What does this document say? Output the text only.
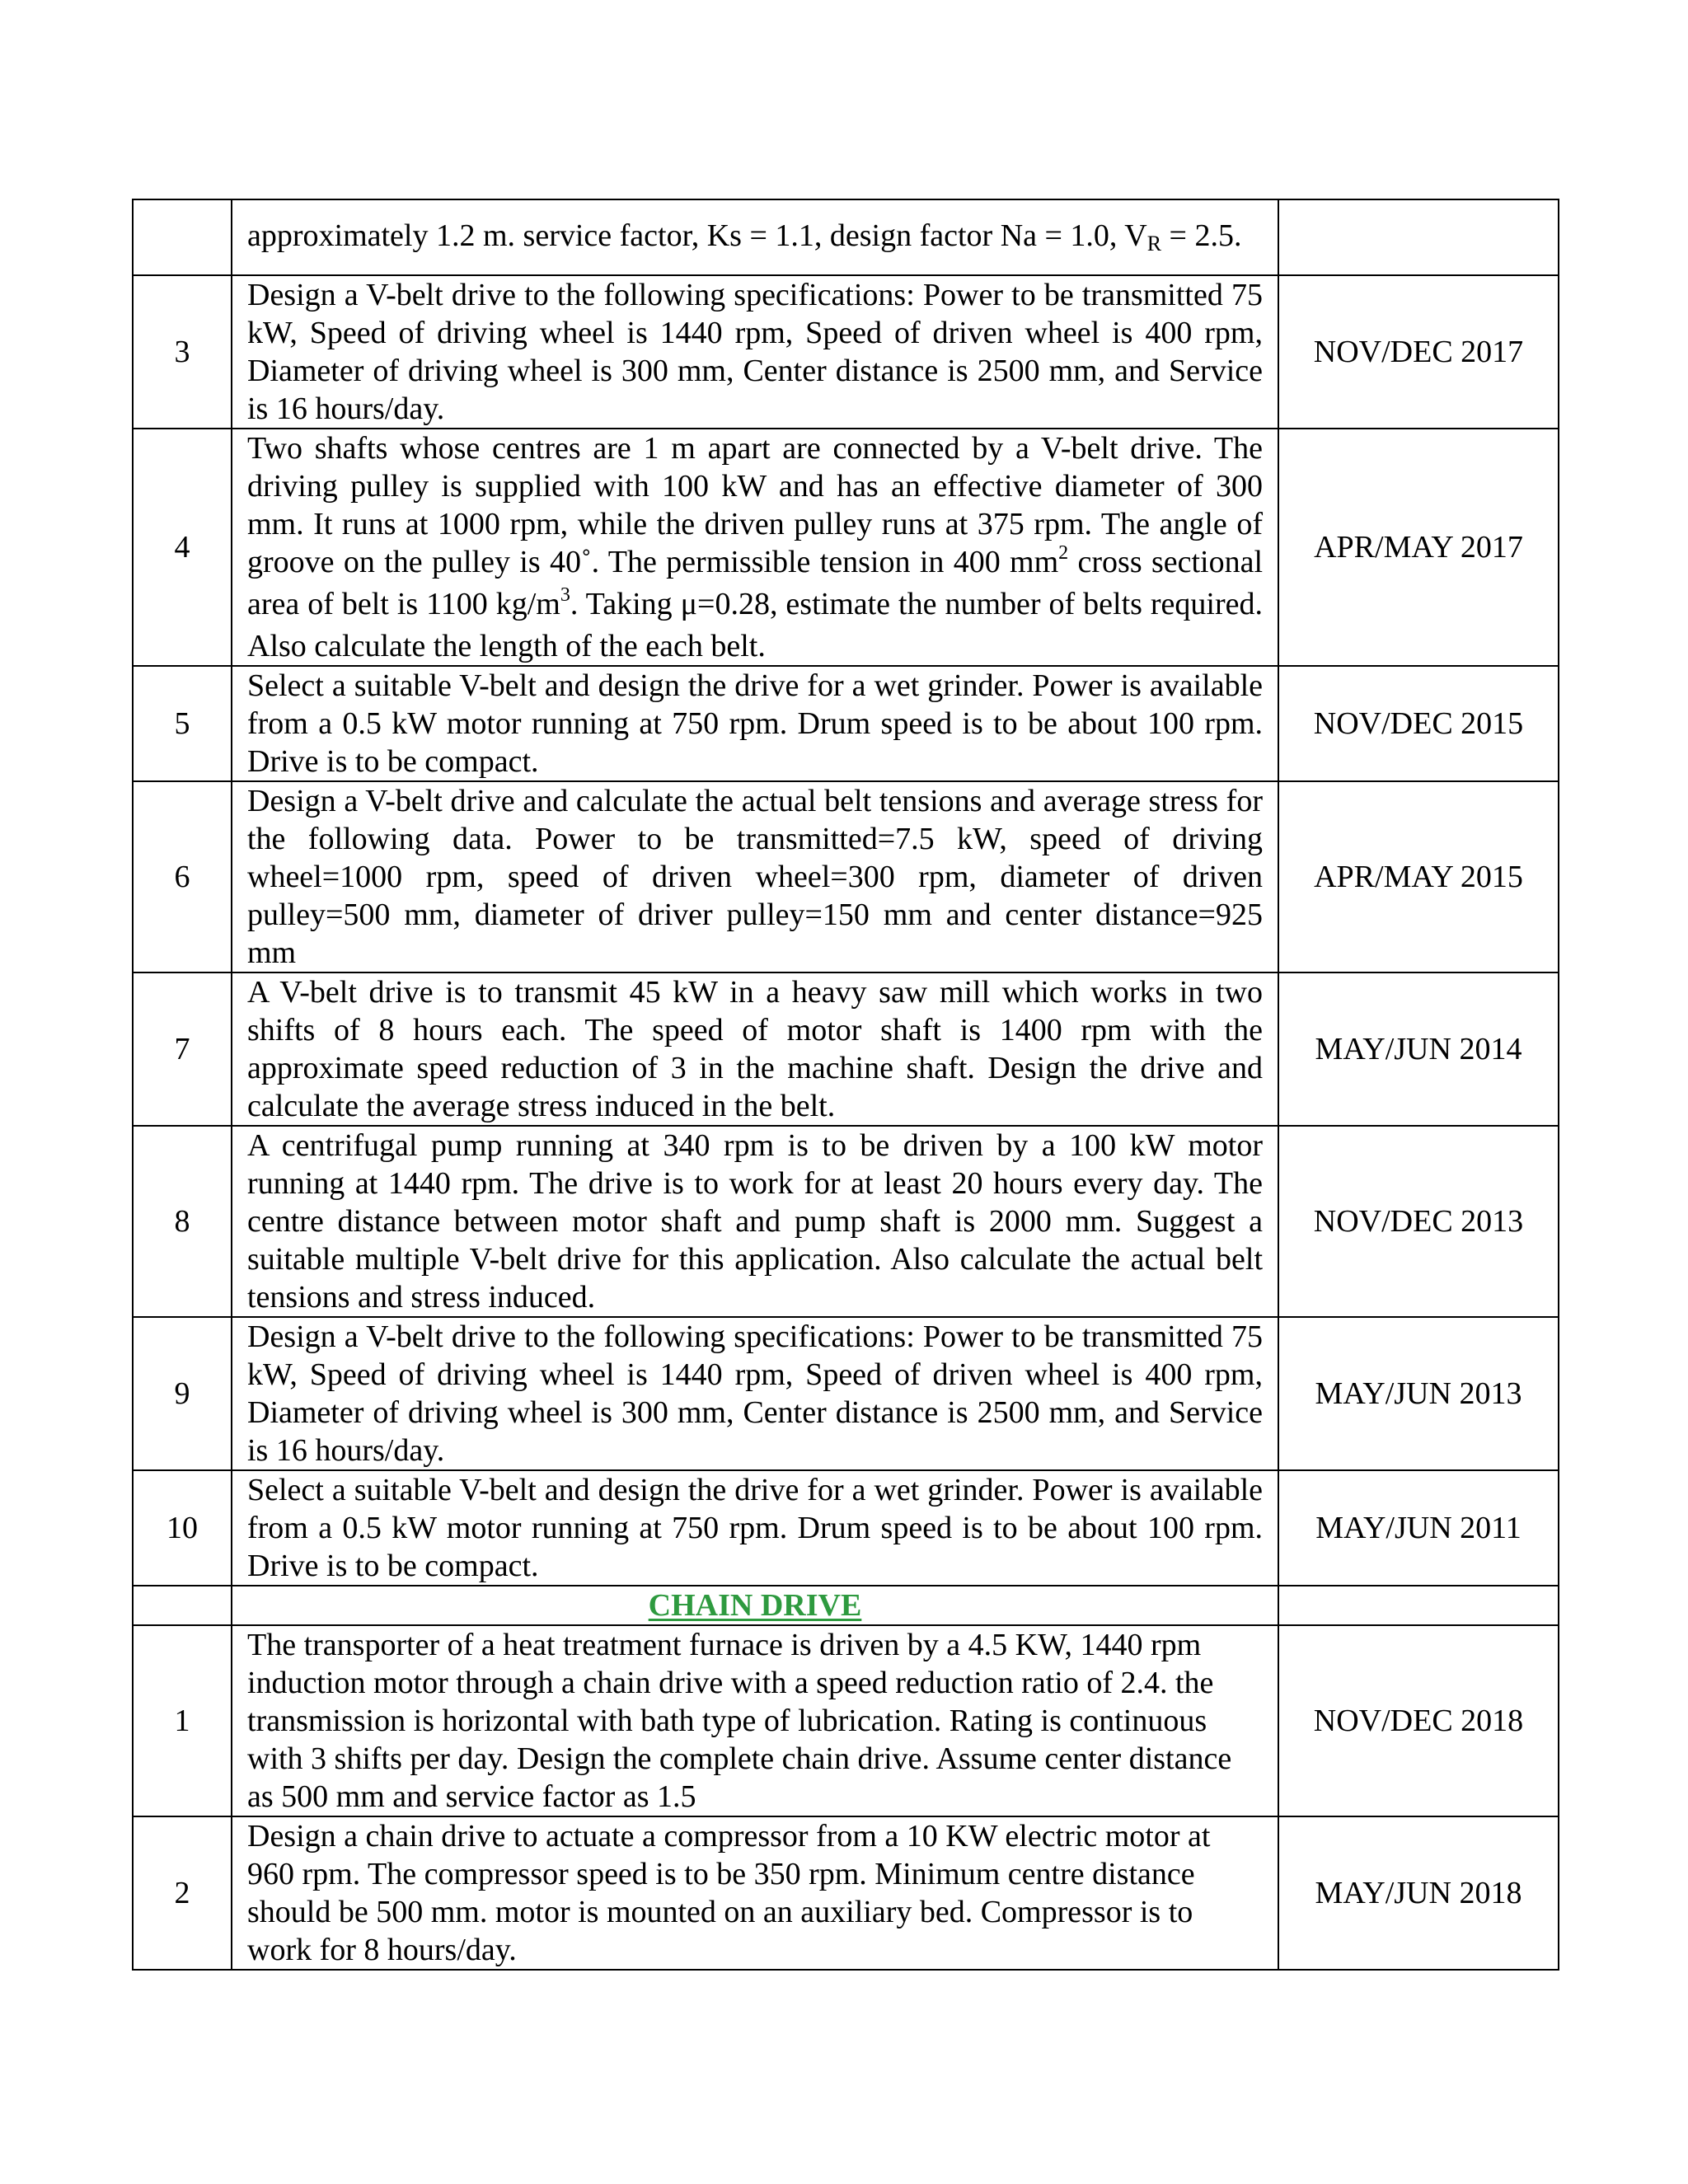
	approximately 1.2 m. service factor, Ks = 1.1, design factor Na = 1.0, VR = 2.5.	
3	Design a V-belt drive to the following specifications: Power to be transmitted 75 kW, Speed of driving wheel is 1440 rpm, Speed of driven wheel is 400 rpm, Diameter of driving wheel is 300 mm, Center distance is 2500 mm, and Service is 16 hours/day.	NOV/DEC 2017
4	Two shafts whose centres are 1 m apart are connected by a V-belt drive. The driving pulley is supplied with 100 kW and has an effective diameter of 300 mm. It runs at 1000 rpm, while the driven pulley runs at 375 rpm. The angle of groove on the pulley is 40˚. The permissible tension in 400 $mm^2$ cross sectional area of belt is 1100 $kg/m^3$. Taking μ=0.28, estimate the number of belts required. Also calculate the length of the each belt.	APR/MAY 2017
5	Select a suitable V-belt and design the drive for a wet grinder. Power is available from a 0.5 kW motor running at 750 rpm. Drum speed is to be about 100 rpm. Drive is to be compact.	NOV/DEC 2015
6	Design a V-belt drive and calculate the actual belt tensions and average stress for the following data. Power to be transmitted=7.5 kW, speed of driving wheel=1000 rpm, speed of driven wheel=300 rpm, diameter of driven pulley=500 mm, diameter of driver pulley=150 mm and center distance=925 mm	APR/MAY 2015
7	A V-belt drive is to transmit 45 kW in a heavy saw mill which works in two shifts of 8 hours each. The speed of motor shaft is 1400 rpm with the approximate speed reduction of 3 in the machine shaft. Design the drive and calculate the average stress induced in the belt.	MAY/JUN 2014
8	A centrifugal pump running at 340 rpm is to be driven by a 100 kW motor running at 1440 rpm. The drive is to work for at least 20 hours every day. The centre distance between motor shaft and pump shaft is 2000 mm. Suggest a suitable multiple V-belt drive for this application. Also calculate the actual belt tensions and stress induced.	NOV/DEC 2013
9	Design a V-belt drive to the following specifications: Power to be transmitted 75 kW, Speed of driving wheel is 1440 rpm, Speed of driven wheel is 400 rpm, Diameter of driving wheel is 300 mm, Center distance is 2500 mm, and Service is 16 hours/day.	MAY/JUN 2013
10	Select a suitable V-belt and design the drive for a wet grinder. Power is available from a 0.5 kW motor running at 750 rpm. Drum speed is to be about 100 rpm. Drive is to be compact.	MAY/JUN 2011
	CHAIN DRIVE	
1	The transporter of a heat treatment furnace is driven by a 4.5 KW, 1440 rpm induction motor through a chain drive with a speed reduction ratio of 2.4. the transmission is horizontal with bath type of lubrication. Rating is continuous with 3 shifts per day. Design the complete chain drive. Assume center distance as 500 mm and service factor as 1.5	NOV/DEC 2018
2	Design a chain drive to actuate a compressor from a 10 KW electric motor at 960 rpm. The compressor speed is to be 350 rpm. Minimum centre distance should be 500 mm. motor is mounted on an auxiliary bed. Compressor is to work for 8 hours/day.	MAY/JUN 2018
